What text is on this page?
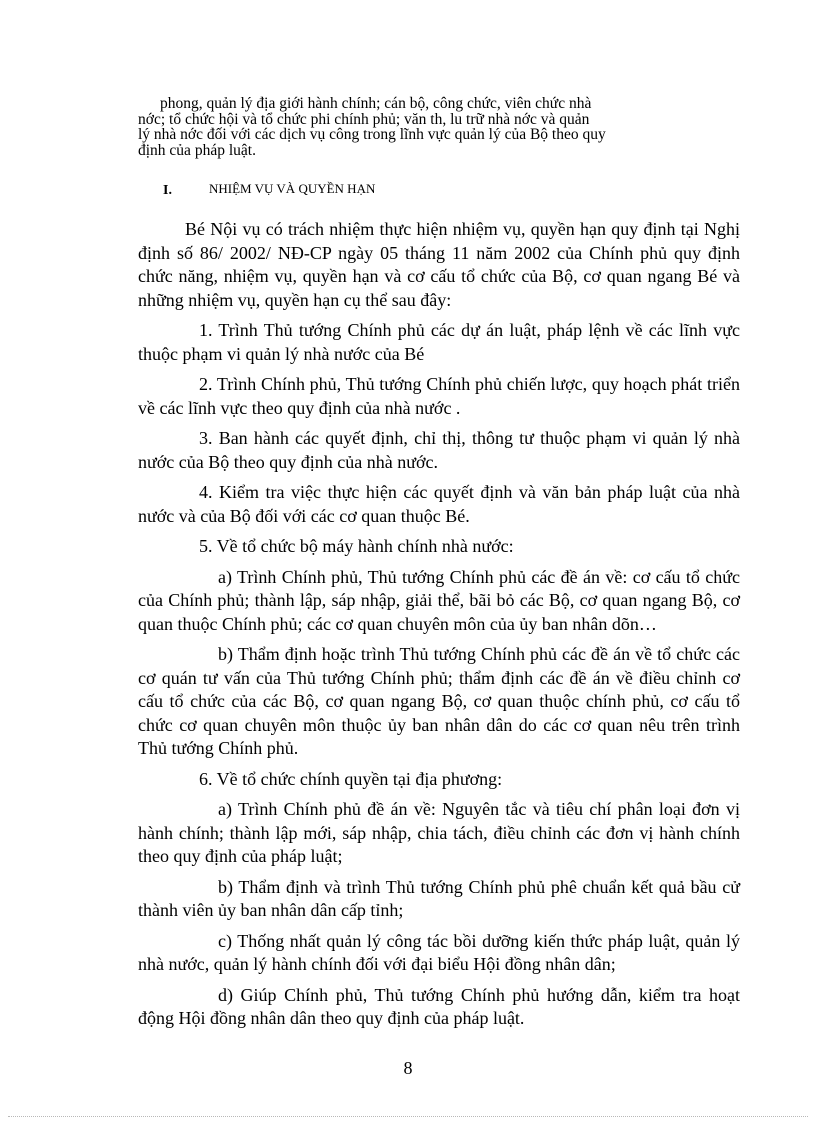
phong, quản lý địa giới hành chính; cán bộ, công chức, viên chức nhà
nớc; tổ chức hội và tổ chức phi chính phủ; văn th, lu trữ nhà nớc và quản
lý nhà nớc đối với các dịch vụ công trong lĩnh vực quản lý của Bộ theo quy
định của pháp luật.
I.	NHIỆM VỤ VÀ QUYỀN HẠN

Bé Nội vụ có trách nhiệm thực hiện nhiệm vụ, quyền hạn quy định tại Nghị định số 86/ 2002/ NĐ-CP ngày 05 tháng 11 năm 2002 của Chính phủ quy định chức năng, nhiệm vụ, quyền hạn và cơ cấu tổ chức của Bộ, cơ quan ngang Bé và những nhiệm vụ, quyền hạn cụ thể sau đây:

1. Trình Thủ tướng Chính phủ các dự án luật, pháp lệnh về các lĩnh vực thuộc phạm vi quản lý nhà nước của Bé

2. Trình Chính phủ, Thủ tướng Chính phủ chiến lược, quy hoạch phát triển về các lĩnh vực theo quy định của nhà nước .

3. Ban hành các quyết định, chỉ thị, thông tư thuộc phạm vi quản lý nhà nước của Bộ theo quy định của nhà nước.

4. Kiểm tra việc thực hiện các quyết định và văn bản pháp luật của nhà nước và của Bộ đối với các cơ quan thuộc Bé.

5. Về tổ chức bộ máy hành chính nhà nước:

a) Trình Chính phủ, Thủ tướng Chính phủ các đề án về: cơ cấu tổ chức của Chính phủ; thành lập, sáp nhập, giải thể, bãi bỏ các Bộ, cơ quan ngang Bộ, cơ quan thuộc Chính phủ; các cơ quan chuyên môn của ủy ban nhân dõn…

b) Thẩm định hoặc trình Thủ tướng Chính phủ các đề án về tổ chức các cơ quán tư vấn của Thủ tướng Chính phủ; thẩm định các đề án về điều chỉnh cơ cấu tổ chức của các Bộ, cơ quan ngang Bộ, cơ quan thuộc chính phủ, cơ cấu tổ chức cơ quan chuyên môn thuộc ủy ban nhân dân do các cơ quan nêu trên trình Thủ tướng Chính phủ.

6. Về tổ chức chính quyền tại địa phương:

a) Trình Chính phủ đề án về: Nguyên tắc và tiêu chí phân loại đơn vị hành chính; thành lập mới, sáp nhập, chia tách, điều chỉnh các đơn vị hành chính theo quy định của pháp luật;

b) Thẩm định và trình Thủ tướng Chính phủ phê chuẩn kết quả bầu cử thành viên ủy ban nhân dân cấp tỉnh;

c) Thống nhất quản lý công tác bồi dưỡng kiến thức pháp luật, quản lý nhà nước, quản lý hành chính đối với đại biểu Hội đồng nhân dân;

d) Giúp Chính phủ, Thủ tướng Chính phủ hướng dẫn, kiểm tra hoạt động Hội đồng nhân dân theo quy định của pháp luật.

8
